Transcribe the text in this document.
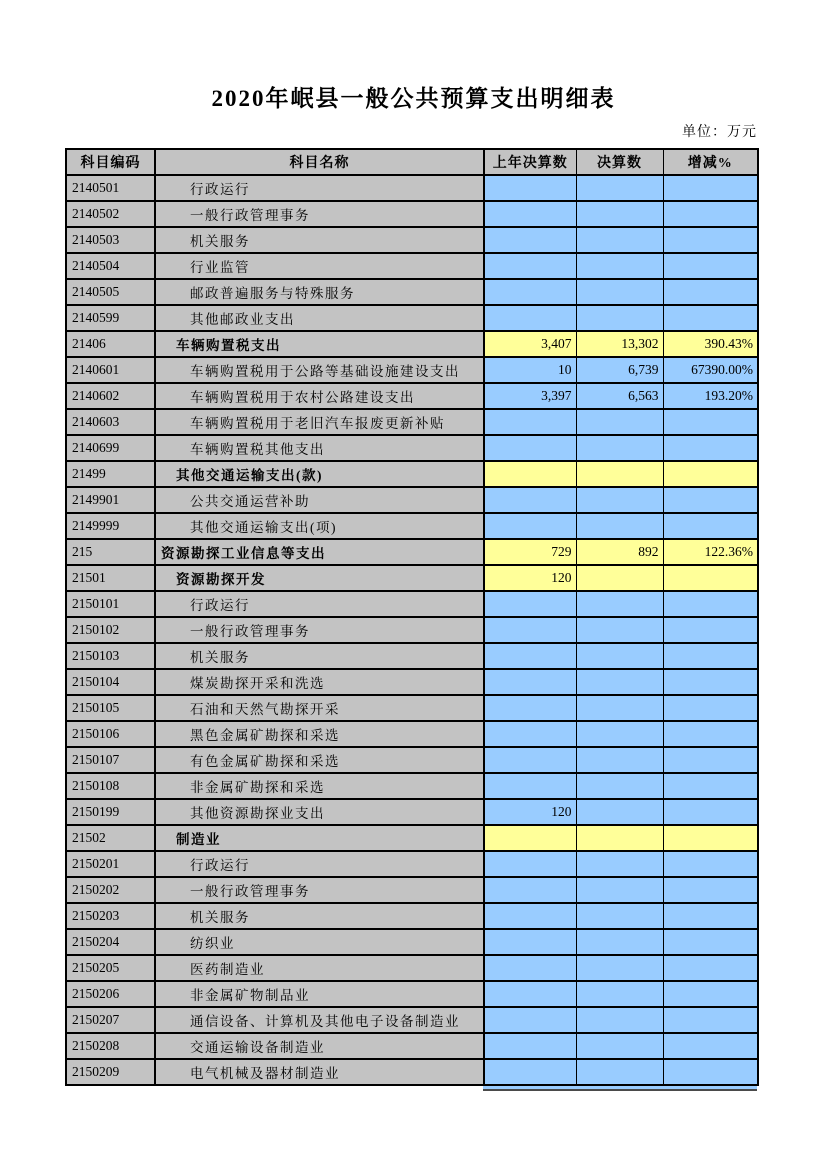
2020年岷县一般公共预算支出明细表
单位：万元
科目编码	科目名称	上年决算数	决算数	增减%
2140501	行政运行			
2140502	一般行政管理事务			
2140503	机关服务			
2140504	行业监管			
2140505	邮政普遍服务与特殊服务			
2140599	其他邮政业支出			
21406	车辆购置税支出	3,407	13,302	390.43%
2140601	车辆购置税用于公路等基础设施建设支出	10	6,739	67390.00%
2140602	车辆购置税用于农村公路建设支出	3,397	6,563	193.20%
2140603	车辆购置税用于老旧汽车报废更新补贴			
2140699	车辆购置税其他支出			
21499	其他交通运输支出(款)			
2149901	公共交通运营补助			
2149999	其他交通运输支出(项)			
215	资源勘探工业信息等支出	729	892	122.36%
21501	资源勘探开发	120		
2150101	行政运行			
2150102	一般行政管理事务			
2150103	机关服务			
2150104	煤炭勘探开采和洗选			
2150105	石油和天然气勘探开采			
2150106	黑色金属矿勘探和采选			
2150107	有色金属矿勘探和采选			
2150108	非金属矿勘探和采选			
2150199	其他资源勘探业支出	120		
21502	制造业			
2150201	行政运行			
2150202	一般行政管理事务			
2150203	机关服务			
2150204	纺织业			
2150205	医药制造业			
2150206	非金属矿物制品业			
2150207	通信设备、计算机及其他电子设备制造业			
2150208	交通运输设备制造业			
2150209	电气机械及器材制造业			
